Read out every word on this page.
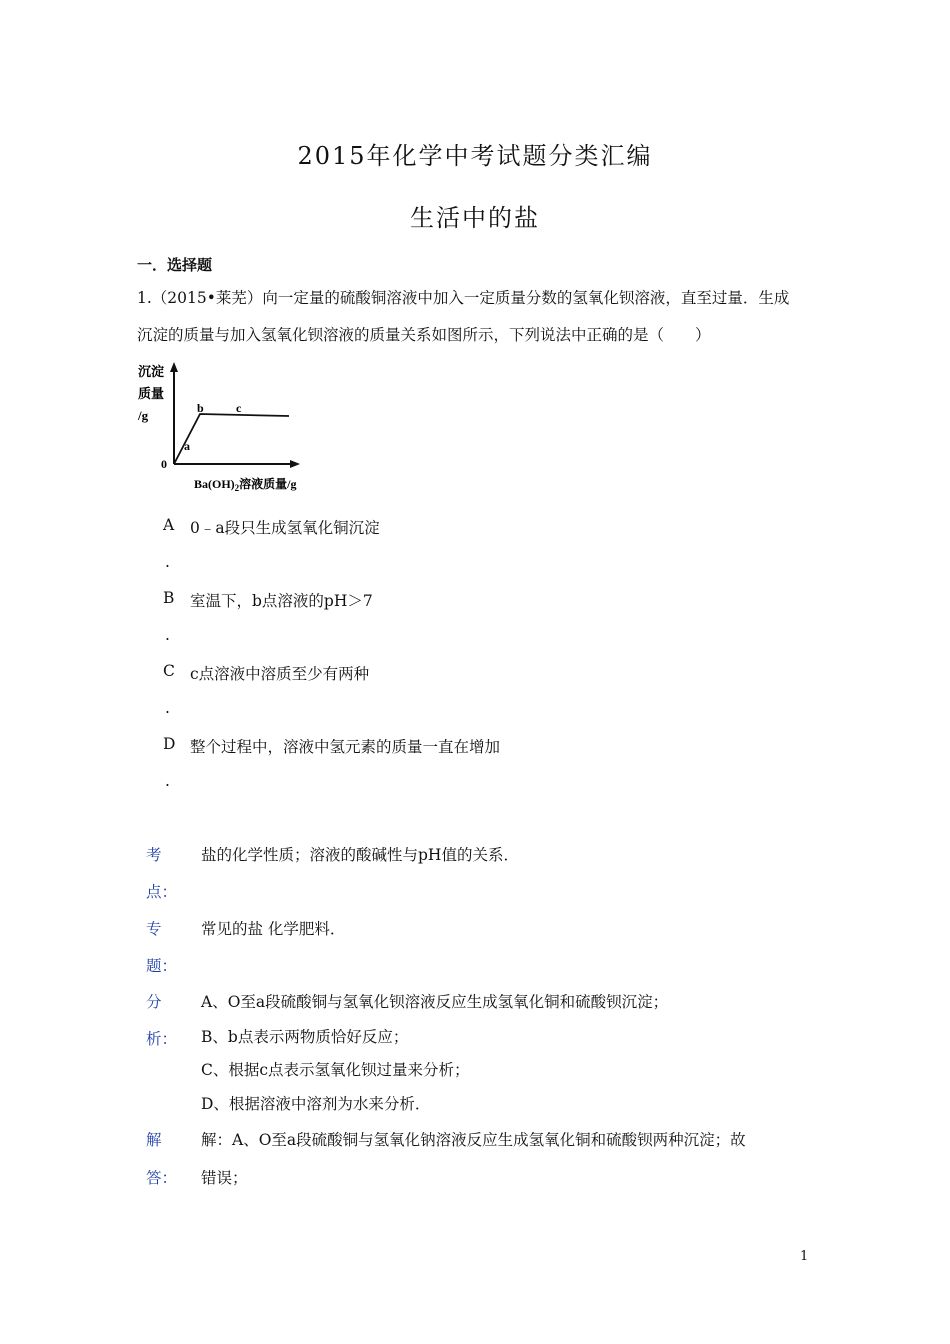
2015年化学中考试题分类汇编
生活中的盐
一．选择题
1.（2015•莱芜）向一定量的硫酸铜溶液中加入一定质量分数的氢氧化钡溶液，直至过量．生成
沉淀的质量与加入氢氧化钡溶液的质量关系如图所示，下列说法中正确的是（　　）
沉淀
质量
/g
0
a
b	c
$Ba(OH)_2$溶液质量/g
A 0﹣a段只生成氢氧化铜沉淀
.
B 室温下，b点溶液的pH＞7
.
C c点溶液中溶质至少有两种
.
D 整个过程中，溶液中氢元素的质量一直在增加
.
考
点：
盐的化学性质；溶液的酸碱性与pH值的关系．
专
题：
常见的盐 化学肥料．
分
析：
A、O至a段硫酸铜与氢氧化钡溶液反应生成氢氧化铜和硫酸钡沉淀；
B、b点表示两物质恰好反应；
C、根据c点表示氢氧化钡过量来分析；
D、根据溶液中溶剂为水来分析．
解
答：
解：A、O至a段硫酸铜与氢氧化钠溶液反应生成氢氧化铜和硫酸钡两种沉淀；故
错误；
1
